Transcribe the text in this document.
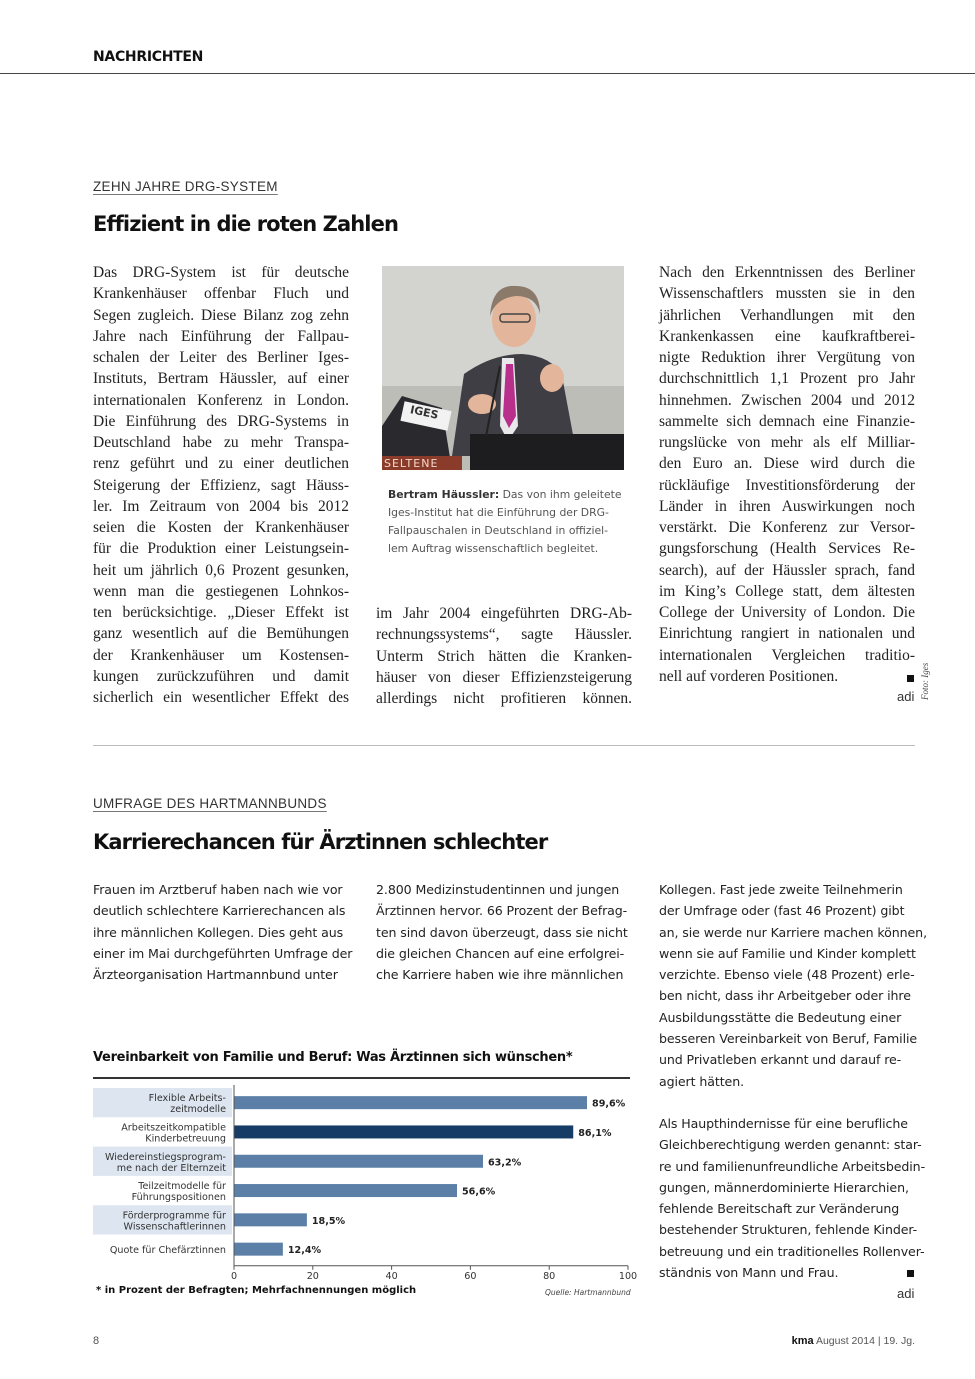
NACHRICHTEN
ZEHN JAHRE DRG-SYSTEM
Effizient in die roten Zahlen
Das DRG-System ist für deutsche
Krankenhäuser offenbar Fluch und
Segen zugleich. Diese Bilanz zog zehn
Jahre nach Einführung der Fallpau-
schalen der Leiter des Berliner Iges-
Instituts, Bertram Häussler, auf einer
internationalen Konferenz in London.
Die Einführung des DRG-Systems in
Deutschland habe zu mehr Transpa-
renz geführt und zu einer deutlichen
Steigerung der Effizienz, sagt Häuss-
ler. Im Zeitraum von 2004 bis 2012
seien die Kosten der Krankenhäuser
für die Produktion einer Leistungsein-
heit um jährlich 0,6 Prozent gesunken,
wenn man die gestiegenen Lohnkos-
ten berücksichtige. „Dieser Effekt ist
ganz wesentlich auf die Bemühungen
der Krankenhäuser um Kostensen-
kungen zurückzuführen und damit
sicherlich ein wesentlicher Effekt des
IGES
SELTENE
Bertram Häussler: Das von ihm geleitete
Iges-Institut hat die Einführung der DRG-
Fallpauschalen in Deutschland in offiziel-
lem Auftrag wissenschaftlich begleitet.
im Jahr 2004 eingeführten DRG-Ab-
rechnungssystems“, sagte Häussler.
Unterm Strich hätten die Kranken-
häuser von dieser Effizienzsteigerung
allerdings nicht profitieren können.
Nach den Erkenntnissen des Berliner
Wissenschaftlers mussten sie in den
jährlichen Verhandlungen mit den
Krankenkassen eine kaufkraftberei-
nigte Reduktion ihrer Vergütung von
durchschnittlich 1,1 Prozent pro Jahr
hinnehmen. Zwischen 2004 und 2012
sammelte sich demnach eine Finanzie-
rungslücke von mehr als elf Milliar-
den Euro an. Diese wird durch die
rückläufige Investitionsförderung der
Länder in ihren Auswirkungen noch
verstärkt. Die Konferenz zur Versor-
gungsforschung (Health Services Re-
search), auf der Häussler sprach, fand
im King’s College statt, dem ältesten
College der University of London. Die
Einrichtung rangiert in nationalen und
internationalen Vergleichen traditio-
nell auf vorderen Positionen.
adi Foto: Iges
UMFRAGE DES HARTMANNBUNDS
Karrierechancen für Ärztinnen schlechter
Frauen im Arztberuf haben nach wie vor
deutlich schlechtere Karrierechancen als
ihre männlichen Kollegen. Dies geht aus
einer im Mai durchgeführten Umfrage der
Ärzteorganisation Hartmannbund unter
2.800 Medizinstudentinnen und jungen
Ärztinnen hervor. 66 Prozent der Befrag-
ten sind davon überzeugt, dass sie nicht
die gleichen Chancen auf eine erfolgrei-
che Karriere haben wie ihre männlichen
Kollegen. Fast jede zweite Teilnehmerin
der Umfrage oder (fast 46 Prozent) gibt
an, sie werde nur Karriere machen können,
wenn sie auf Familie und Kinder komplett
verzichte. Ebenso viele (48 Prozent) erle-
ben nicht, dass ihr Arbeitgeber oder ihre
Ausbildungsstätte die Bedeutung einer
besseren Vereinbarkeit von Beruf, Familie
und Privatleben erkannt und darauf re-
agiert hätten.
Als Haupthindernisse für eine berufliche
Gleichberechtigung werden genannt: star-
re und familienunfreundliche Arbeitsbedin-
gungen, männerdominierte Hierarchien,
fehlende Bereitschaft zur Veränderung
bestehender Strukturen, fehlende Kinder-
betreuung und ein traditionelles Rollenver-
ständnis von Mann und Frau.
adi
Vereinbarkeit von Familie und Beruf: Was Ärztinnen sich wünschen*
Flexible Arbeits-
zeitmodelle	89,6%
Arbeitszeitkompatible
Kinderbetreuung	86,1%
Wiedereinstiegsprogram-
me nach der Elternzeit	63,2%
Teilzeitmodelle für
Führungspositionen	56,6%
Förderprogramme für
Wissenschaftlerinnen	18,5%
Quote für Chefärztinnen	12,4%
0	20	40	60	80	100
* in Prozent der Befragten; Mehrfachnennungen möglich	Quelle: Hartmannbund
8	kma August 2014 | 19. Jg.
